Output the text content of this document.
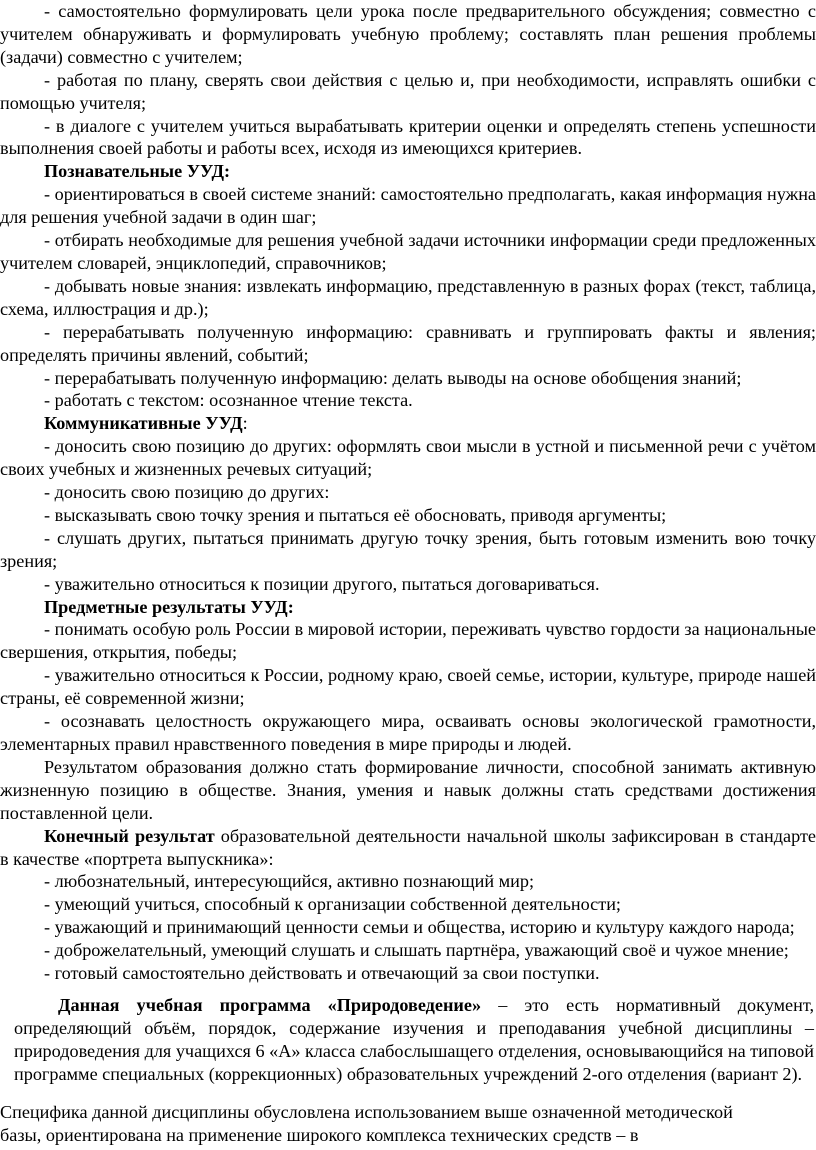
- самостоятельно формулировать цели урока после предварительного обсуждения; совместно с учителем обнаруживать и формулировать учебную проблему; составлять план решения проблемы (задачи) совместно с учителем;

- работая по плану, сверять свои действия с целью и, при необходимости, исправлять ошибки с помощью учителя;

- в диалоге с учителем учиться вырабатывать критерии оценки и определять степень успешности выполнения своей работы и работы всех, исходя из имеющихся критериев.

Познавательные УУД:

- ориентироваться в своей системе знаний: самостоятельно предполагать, какая информация нужна для решения учебной задачи в один шаг;

- отбирать необходимые для решения учебной задачи источники информации среди предложенных учителем словарей, энциклопедий, справочников;

- добывать новые знания: извлекать информацию, представленную в разных форах (текст, таблица, схема, иллюстрация и др.);

- перерабатывать полученную информацию: сравнивать и группировать факты и явления; определять причины явлений, событий;

- перерабатывать полученную информацию: делать выводы на основе обобщения знаний;

- работать с текстом: осознанное чтение текста.

Коммуникативные УУД:

- доносить свою позицию до других: оформлять свои мысли в устной и письменной речи с учётом своих учебных и жизненных речевых ситуаций;

- доносить свою позицию до других:

- высказывать свою точку зрения и пытаться её обосновать, приводя аргументы;

- слушать других, пытаться принимать другую точку зрения, быть готовым изменить вою точку зрения;

- уважительно относиться к позиции другого, пытаться договариваться.

Предметные результаты УУД:

- понимать особую роль России в мировой истории, переживать чувство гордости за национальные свершения, открытия, победы;

- уважительно относиться к России, родному краю, своей семье, истории, культуре, природе нашей страны, её современной жизни;

- осознавать целостность окружающего мира, осваивать основы экологической грамотности, элементарных правил нравственного поведения в мире природы и людей.

Результатом образования должно стать формирование личности, способной занимать активную жизненную позицию в обществе. Знания, умения и навык должны стать средствами достижения поставленной цели.

Конечный результат образовательной деятельности начальной школы зафиксирован в стандарте в качестве «портрета выпускника»:

- любознательный, интересующийся, активно познающий мир;

- умеющий учиться, способный к организации собственной деятельности;

- уважающий и принимающий ценности семьи и общества, историю и культуру каждого народа;

- доброжелательный, умеющий слушать и слышать партнёра, уважающий своё и чужое мнение;

- готовый самостоятельно действовать и отвечающий за свои поступки.

Данная учебная программа «Природоведение» – это есть нормативный документ, определяющий объём, порядок, содержание изучения и преподавания учебной дисциплины – природоведения для учащихся 6 «А» класса слабослышащего отделения, основывающийся на типовой программе специальных (коррекционных) образовательных учреждений 2-ого отделения (вариант 2).

Специфика данной дисциплины обусловлена использованием выше означенной методической

базы, ориентирована на применение широкого комплекса технических средств – в
